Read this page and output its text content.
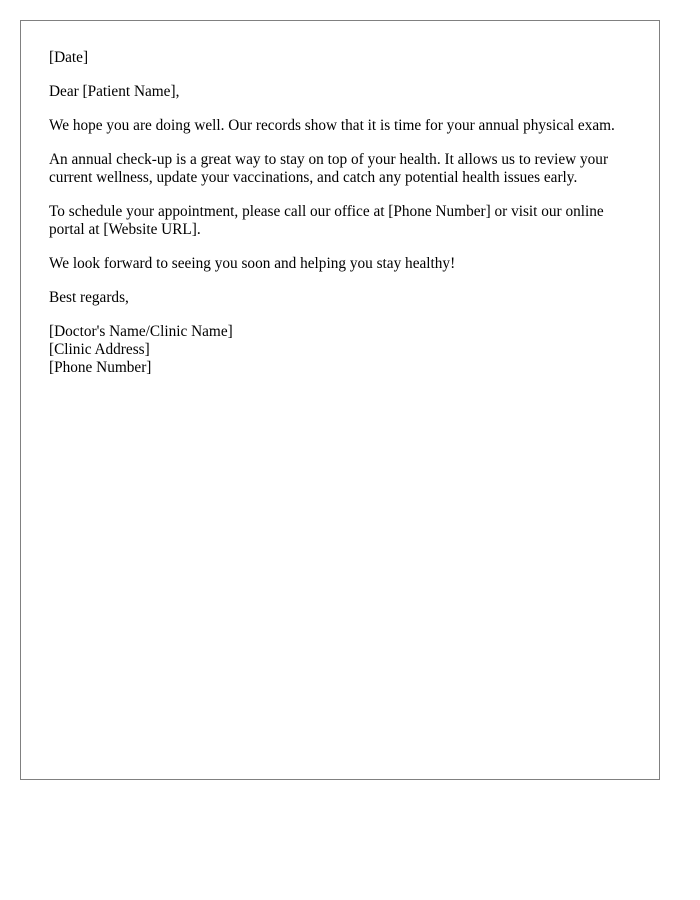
[Date]

Dear [Patient Name],

We hope you are doing well. Our records show that it is time for your annual physical exam.

An annual check-up is a great way to stay on top of your health. It allows us to review your current wellness, update your vaccinations, and catch any potential health issues early.

To schedule your appointment, please call our office at [Phone Number] or visit our online portal at [Website URL].

We look forward to seeing you soon and helping you stay healthy!

Best regards,

[Doctor's Name/Clinic Name]
[Clinic Address]
[Phone Number]
